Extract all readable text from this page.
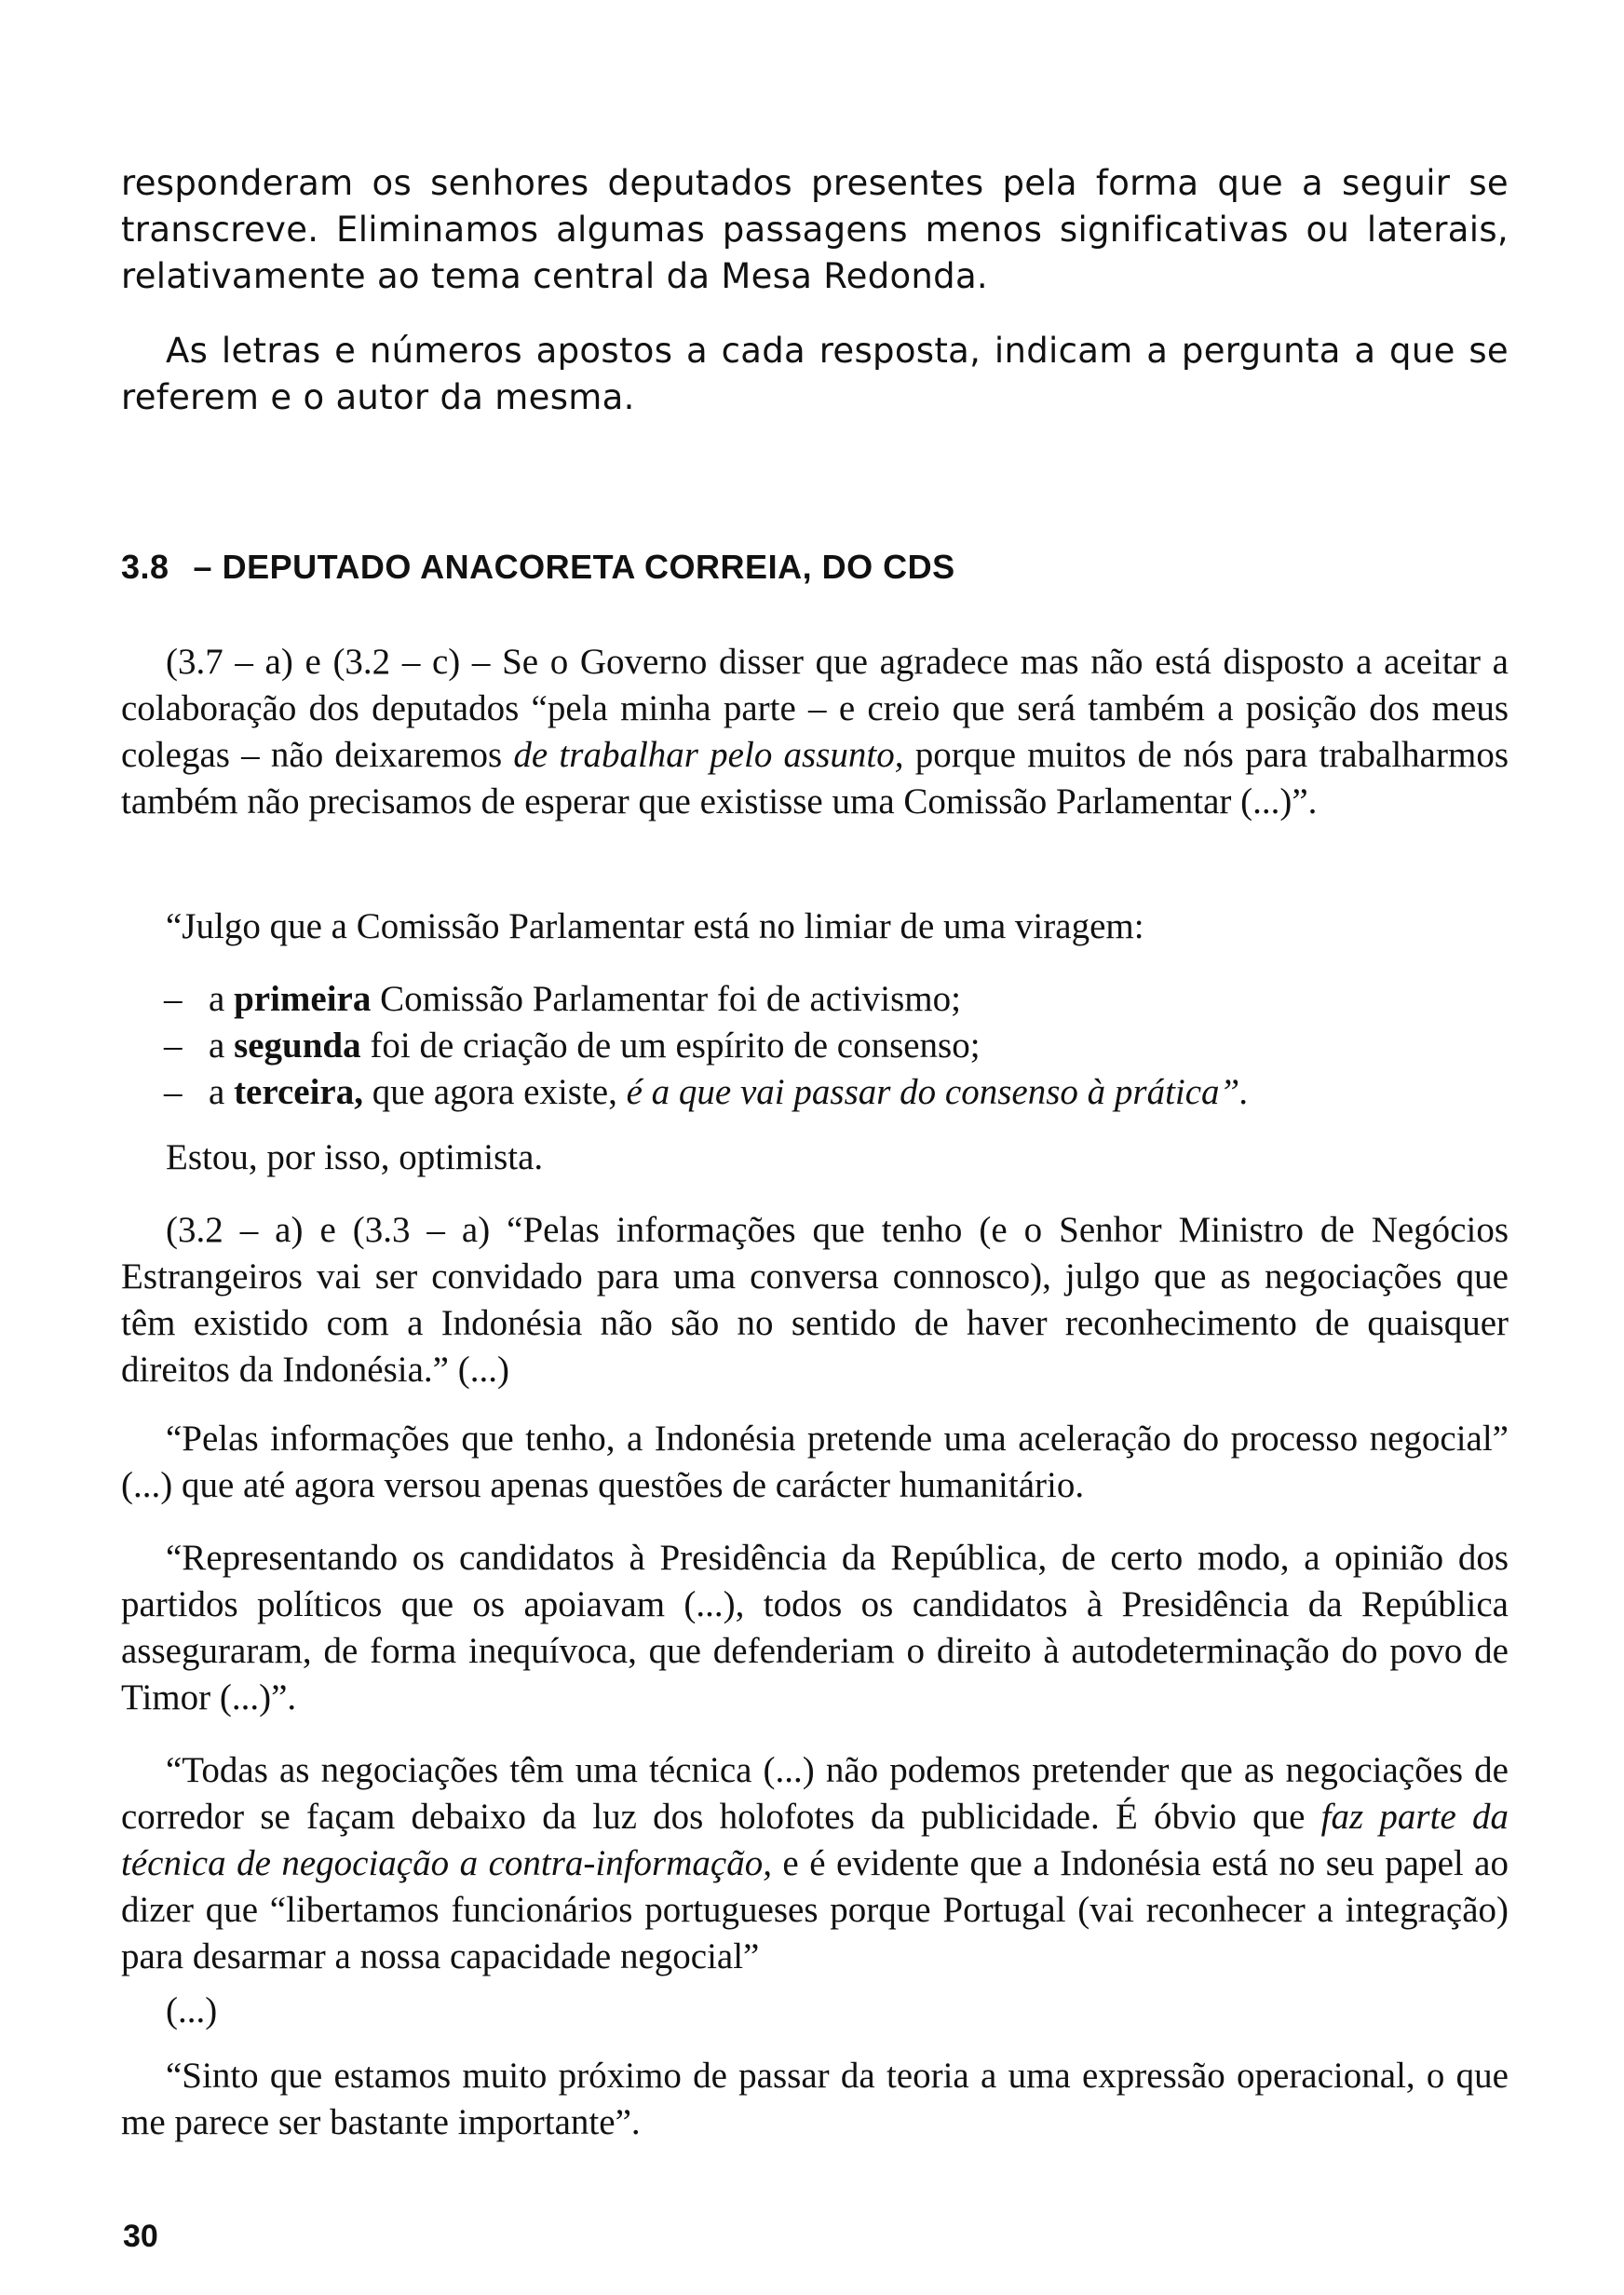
responderam os senhores deputados presentes pela forma que a seguir se transcreve. Eliminamos algumas passagens menos significativas ou laterais, relativamente ao tema central da Mesa Redonda.

As letras e números apostos a cada resposta, indicam a pergunta a que se referem e o autor da mesma.

3.8 – DEPUTADO ANACORETA CORREIA, DO CDS

(3.7 – a) e (3.2 – c) – Se o Governo disser que agradece mas não está disposto a aceitar a colaboração dos deputados “pela minha parte – e creio que será também a posição dos meus colegas – não deixaremos de trabalhar pelo assunto, porque muitos de nós para trabalharmos também não precisamos de esperar que existisse uma Comissão Parlamentar (...)”.

“Julgo que a Comissão Parlamentar está no limiar de uma viragem:

– a primeira Comissão Parlamentar foi de activismo;
– a segunda foi de criação de um espírito de consenso;
– a terceira, que agora existe, é a que vai passar do consenso à prática”.

Estou, por isso, optimista.

(3.2 – a) e (3.3 – a) “Pelas informações que tenho (e o Senhor Ministro de Negócios Estrangeiros vai ser convidado para uma conversa connosco), julgo que as negociações que têm existido com a Indonésia não são no sentido de haver reconhecimento de quaisquer direitos da Indonésia.” (...)

“Pelas informações que tenho, a Indonésia pretende uma aceleração do processo negocial” (...) que até agora versou apenas questões de carácter humanitário.

“Representando os candidatos à Presidência da República, de certo modo, a opinião dos partidos políticos que os apoiavam (...), todos os candidatos à Presidência da República asseguraram, de forma inequívoca, que defenderiam o direito à autodeterminação do povo de Timor (...)”.

“Todas as negociações têm uma técnica (...) não podemos pretender que as negociações de corredor se façam debaixo da luz dos holofotes da publicidade. É óbvio que faz parte da técnica de negociação a contra-informação, e é evidente que a Indonésia está no seu papel ao dizer que “libertamos funcionários portugueses porque Portugal (vai reconhecer a integração) para desarmar a nossa capacidade negocial”

(...)

“Sinto que estamos muito próximo de passar da teoria a uma expressão operacional, o que me parece ser bastante importante”.

30
